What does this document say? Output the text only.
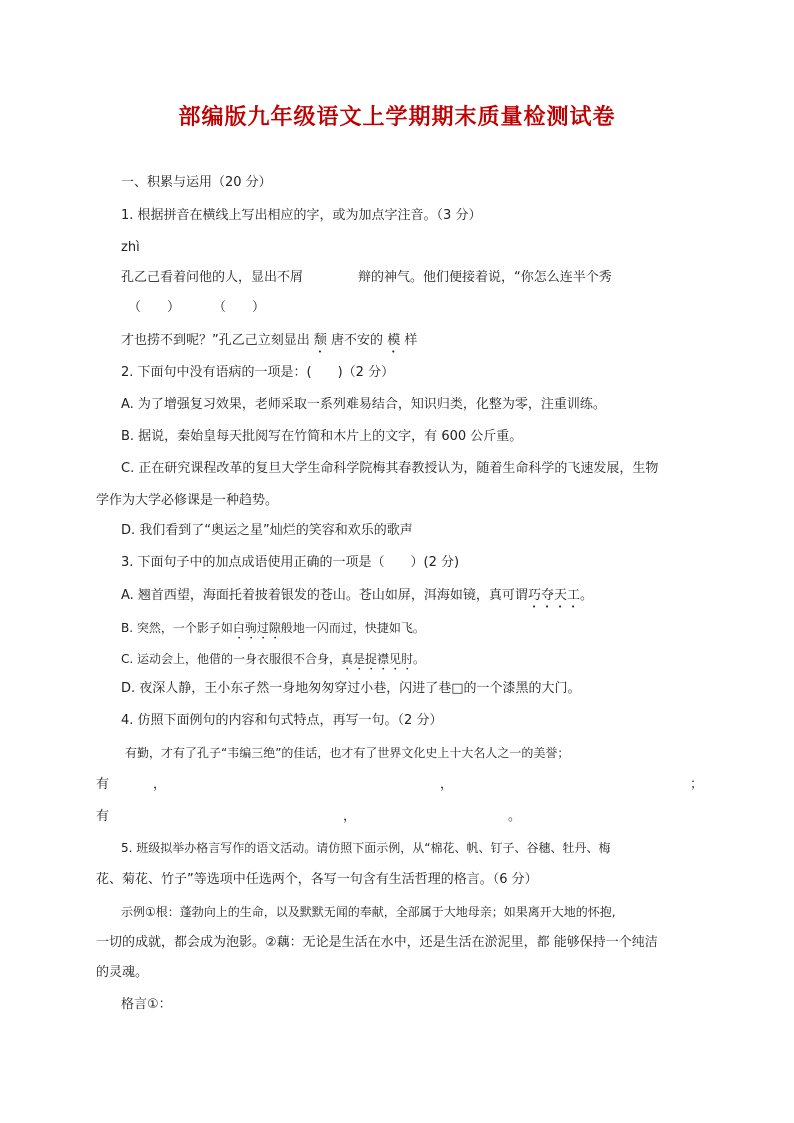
部编版九年级语文上学期期末质量检测试卷
一、积累与运用（20 分）
1. 根据拼音在横线上写出相应的字，或为加点字注音。（3 分）
zhì
孔乙己看着问他的人，显出不屑	辩的神气。他们便接着说，“你怎么连半个秀
（　　）	（　　）
才也捞不到呢？”孔乙己立刻显出 颓 唐不安的 模 样
2. 下面句中没有语病的一项是：(　　)（2 分）
A. 为了增强复习效果，老师采取一系列难易结合，知识归类，化整为零，注重训练。
B. 据说，秦始皇每天批阅写在竹简和木片上的文字，有 600 公斤重。
C. 正在研究课程改革的复旦大学生命科学院梅其春教授认为，随着生命科学的飞速发展，生物
学作为大学必修课是一种趋势。
D. 我们看到了“奥运之星”灿烂的笑容和欢乐的歌声
3. 下面句子中的加点成语使用正确的一项是（　　）(2 分)
A. 翘首西望，海面托着披着银发的苍山。苍山如屏，洱海如镜，真可谓巧夺天工。
B. 突然，一个影子如白驹过隙般地一闪而过，快捷如飞。
C. 运动会上，他借的一身衣服很不合身，真是捉襟见肘。
D. 夜深人静，王小东孑然一身地匆匆穿过小巷，闪进了巷□的一个漆黑的大门。
4. 仿照下面例句的内容和句式特点，再写一句。（2 分）
有勤，才有了孔子“韦编三绝”的佳话，也才有了世界文化史上十大名人之一的美誉；
有	，	，	；
有	，	。
5. 班级拟举办格言写作的语文活动。请仿照下面示例，从“棉花、帆、钉子、谷穗、牡丹、梅
花、菊花、竹子”等选项中任选两个，各写一句含有生活哲理的格言。（6 分）
示例①根：蓬勃向上的生命，以及默默无闻的奉献，全部属于大地母亲；如果离开大地的怀抱,
一切的成就，都会成为泡影。②藕：无论是生活在水中，还是生活在淤泥里，都 能够保持一个纯洁
的灵魂。
格言①：
